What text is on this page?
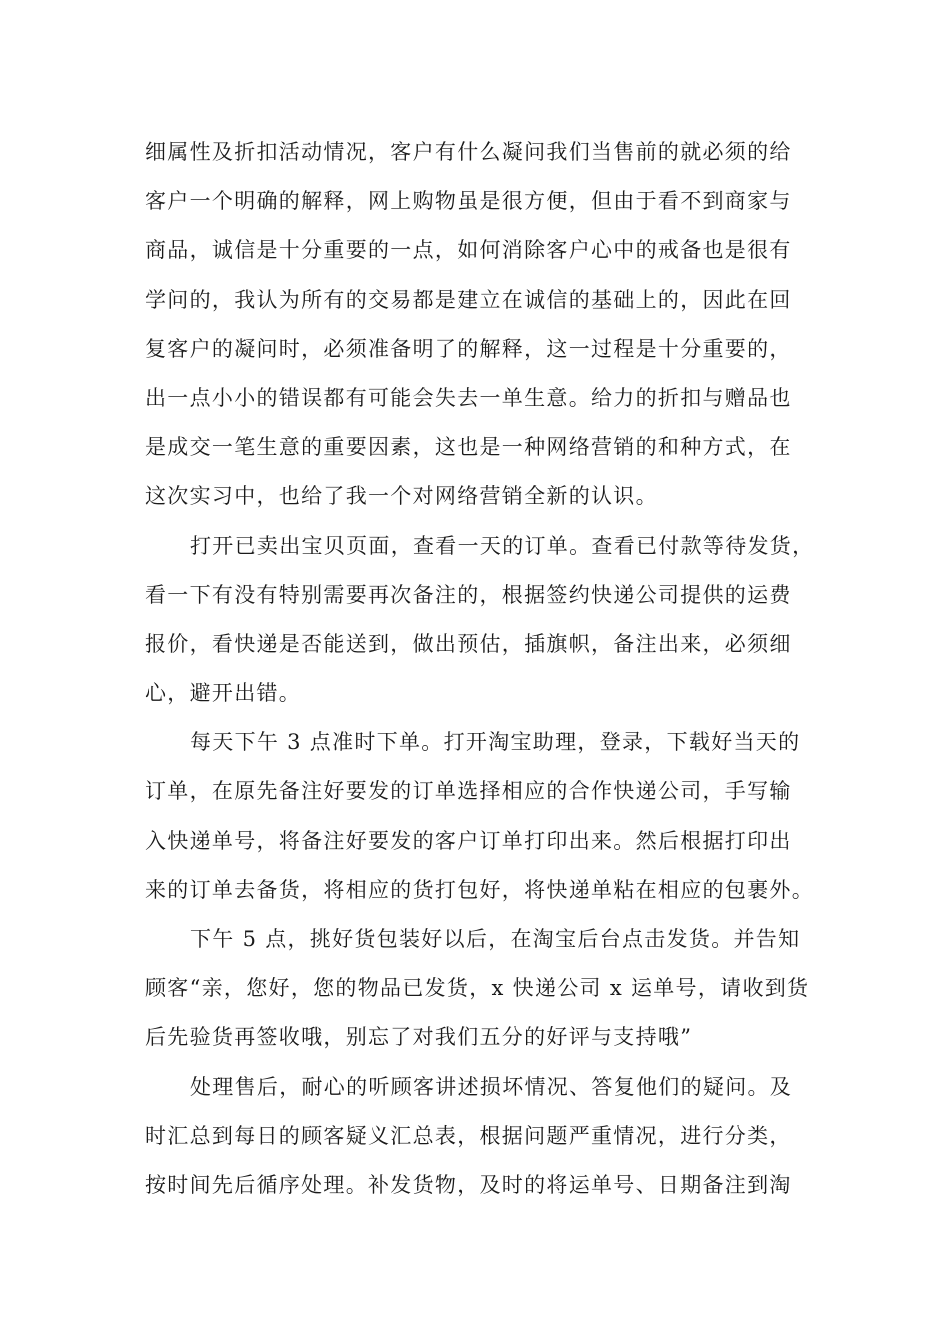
细属性及折扣活动情况，客户有什么凝问我们当售前的就必须的给
客户一个明确的解释，网上购物虽是很方便，但由于看不到商家与
商品，诚信是十分重要的一点，如何消除客户心中的戒备也是很有
学问的，我认为所有的交易都是建立在诚信的基础上的，因此在回
复客户的凝问时，必须准备明了的解释，这一过程是十分重要的，
出一点小小的错误都有可能会失去一单生意。给力的折扣与赠品也
是成交一笔生意的重要因素，这也是一种网络营销的和种方式，在
这次实习中，也给了我一个对网络营销全新的认识。
打开已卖出宝贝页面，查看一天的订单。查看已付款等待发货，
看一下有没有特别需要再次备注的，根据签约快递公司提供的运费
报价，看快递是否能送到，做出预估，插旗帜，备注出来，必须细
心，避开出错。
每天下午 3 点准时下单。打开淘宝助理，登录，下载好当天的
订单，在原先备注好要发的订单选择相应的合作快递公司，手写输
入快递单号，将备注好要发的客户订单打印出来。然后根据打印出
来的订单去备货，将相应的货打包好，将快递单粘在相应的包裹外。
下午 5 点，挑好货包装好以后，在淘宝后台点击发货。并告知
顾客“亲，您好，您的物品已发货，x 快递公司 x 运单号，请收到货
后先验货再签收哦，别忘了对我们五分的好评与支持哦”
处理售后，耐心的听顾客讲述损坏情况、答复他们的疑问。及
时汇总到每日的顾客疑义汇总表，根据问题严重情况，进行分类，
按时间先后循序处理。补发货物，及时的将运单号、日期备注到淘
